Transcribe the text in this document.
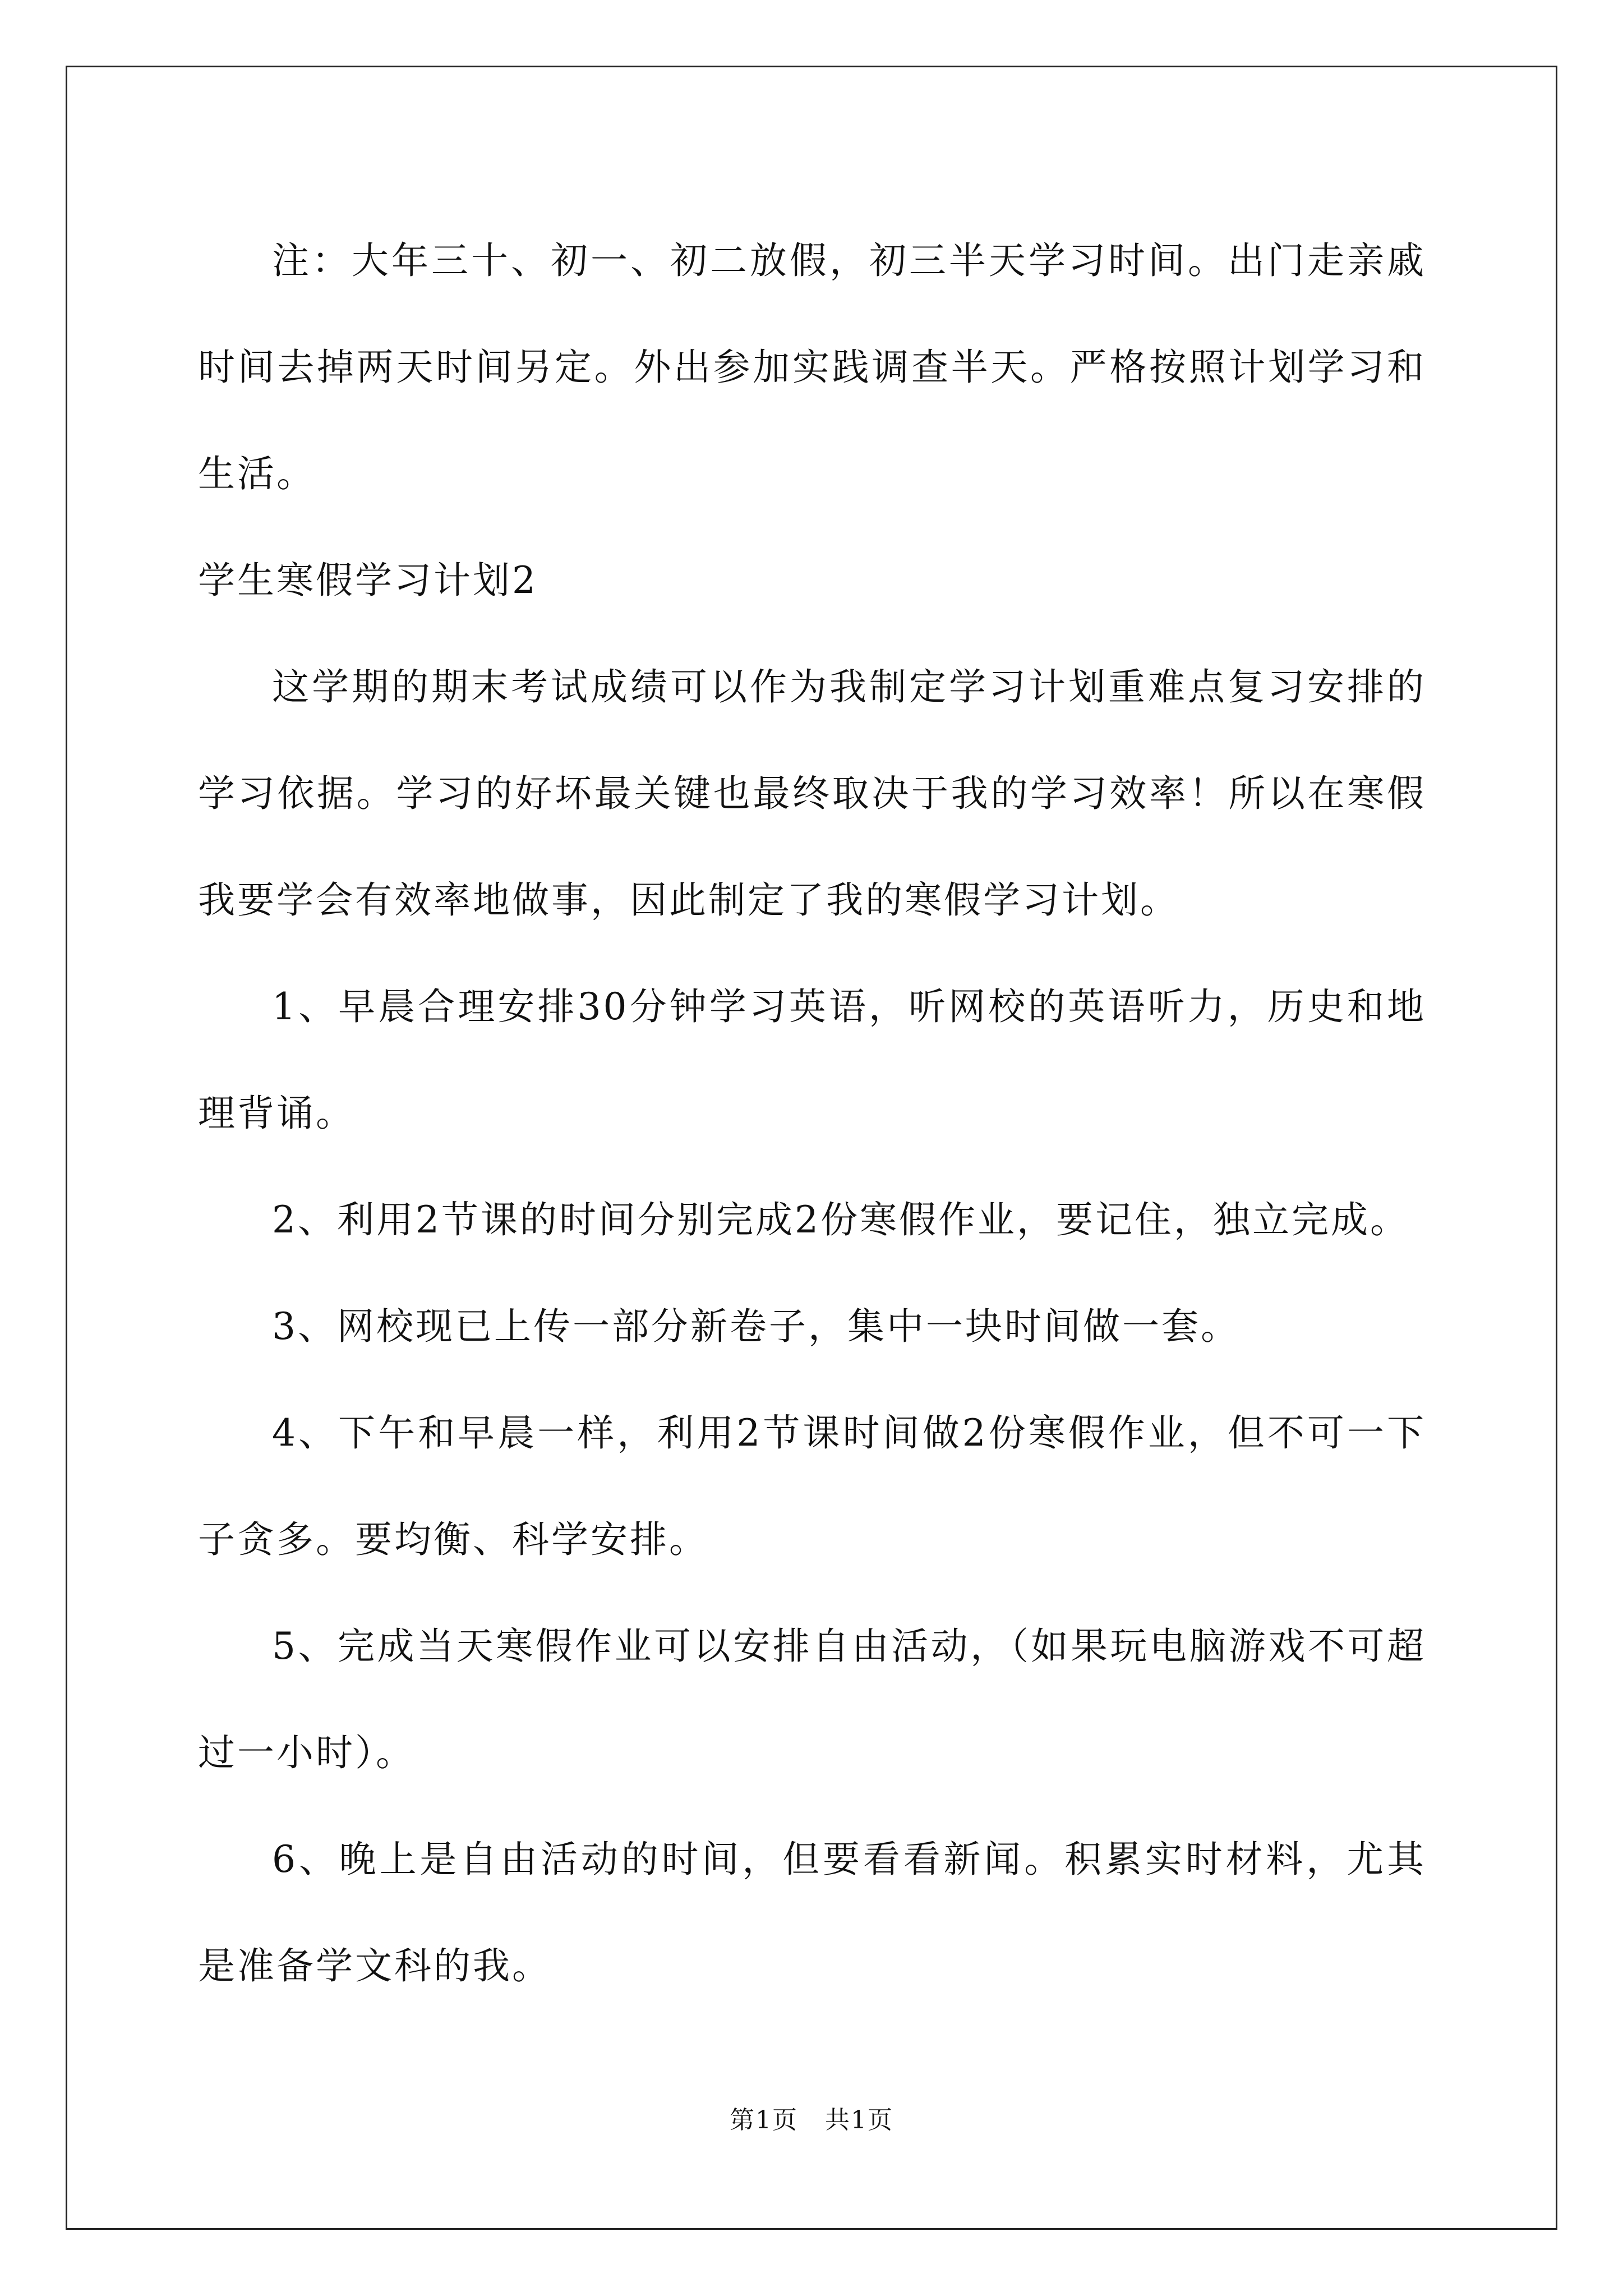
注：大年三十、初一、初二放假，初三半天学习时间。出门走亲戚时间去掉两天时间另定。外出参加实践调查半天。严格按照计划学习和生活。

学生寒假学习计划2

这学期的期末考试成绩可以作为我制定学习计划重难点复习安排的学习依据。学习的好坏最关键也最终取决于我的学习效率！所以在寒假我要学会有效率地做事，因此制定了我的寒假学习计划。

1、早晨合理安排30分钟学习英语，听网校的英语听力，历史和地理背诵。

2、利用2节课的时间分别完成2份寒假作业，要记住，独立完成。

3、网校现已上传一部分新卷子，集中一块时间做一套。

4、下午和早晨一样，利用2节课时间做2份寒假作业，但不可一下子贪多。要均衡、科学安排。

5、完成当天寒假作业可以安排自由活动，（如果玩电脑游戏不可超过一小时）。

6、晚上是自由活动的时间，但要看看新闻。积累实时材料，尤其是准备学文科的我。

第1页 共1页
